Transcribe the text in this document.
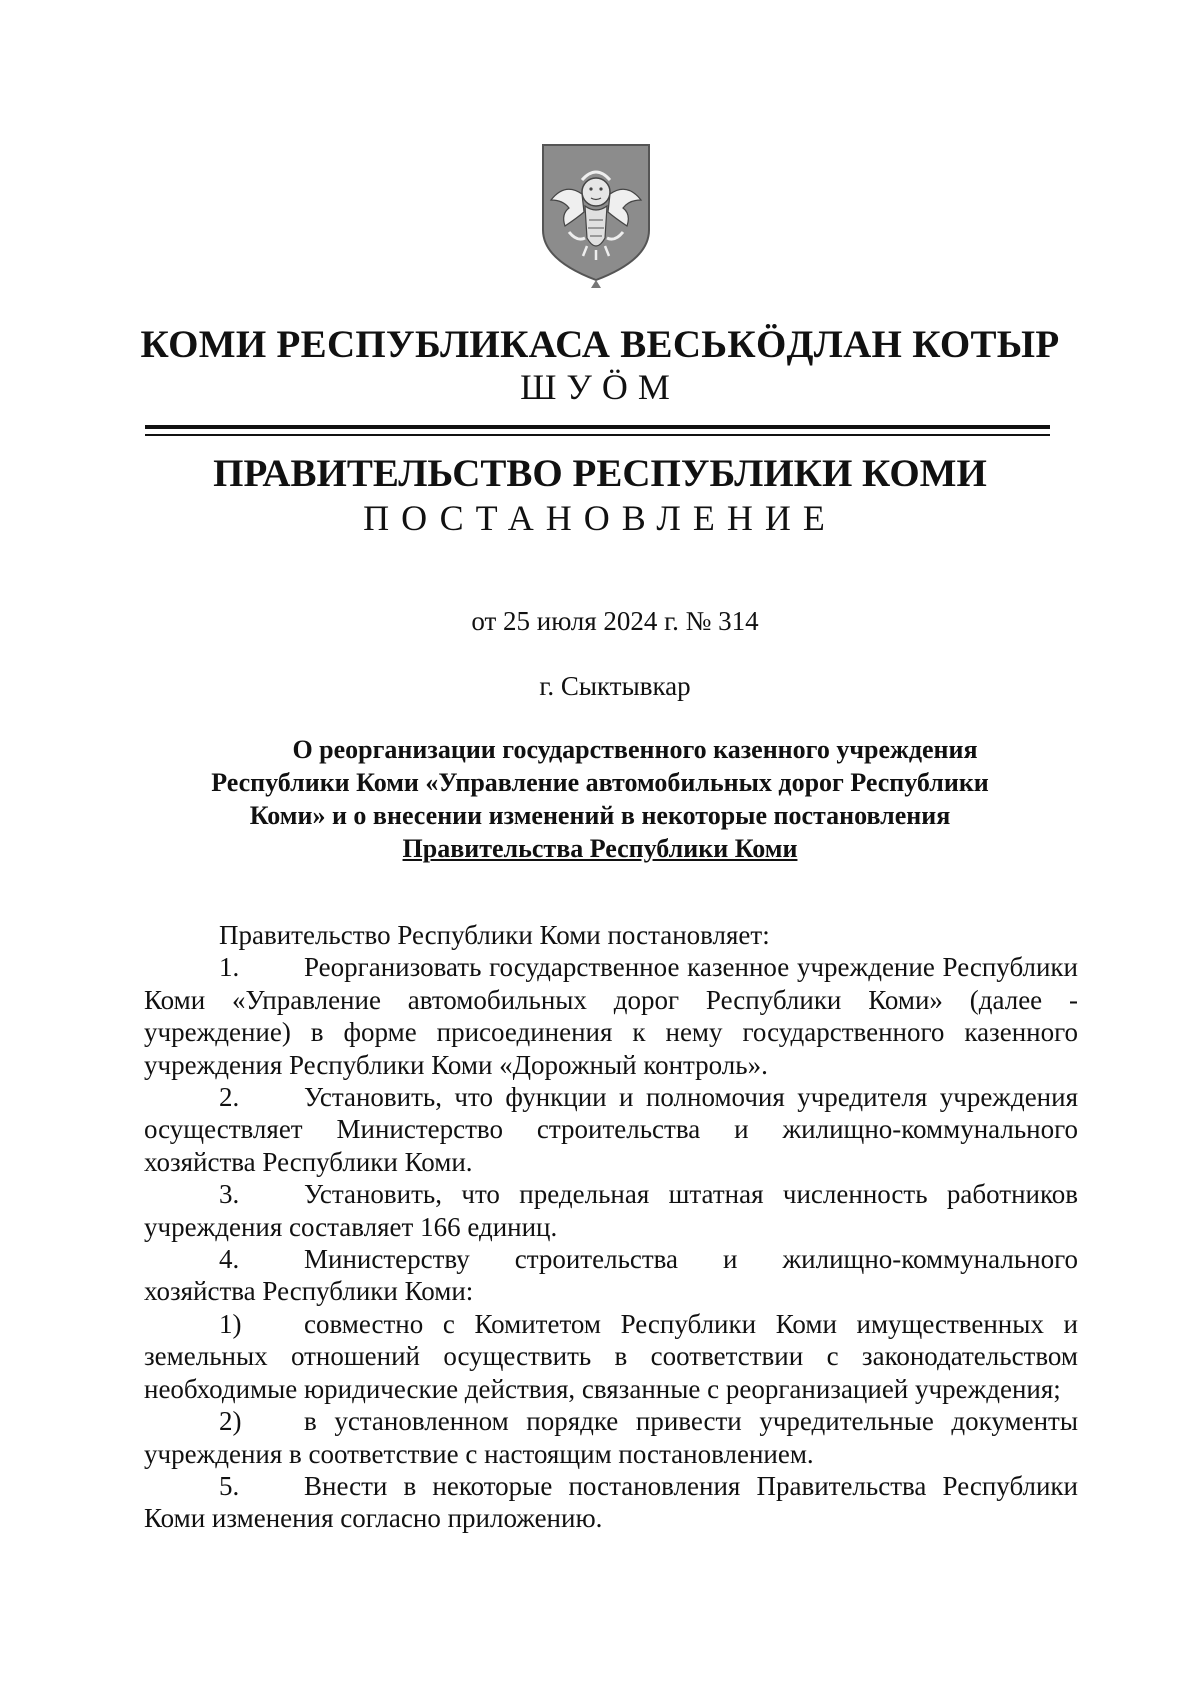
КОМИ РЕСПУБЛИКАСА ВЕСЬКӦДЛАН КОТЫР
ШУӦМ
ПРАВИТЕЛЬСТВО РЕСПУБЛИКИ КОМИ
ПОСТАНОВЛЕНИЕ
от 25 июля 2024 г. № 314
г. Сыктывкар
О реорганизации государственного казенного учреждения
Республики Коми «Управление автомобильных дорог Республики
Коми» и о внесении изменений в некоторые постановления
Правительства Республики Коми

Правительство Республики Коми постановляет:

1. Реорганизовать государственное казенное учреждение Республики Коми «Управление автомобильных дорог Республики Коми» (далее - учреждение) в форме присоединения к нему государственного казенного учреждения Республики Коми «Дорожный контроль».

2. Установить, что функции и полномочия учредителя учреждения осуществляет Министерство строительства и жилищно-коммунального хозяйства Республики Коми.

3. Установить, что предельная штатная численность работников учреждения составляет 166 единиц.

4. Министерству строительства и жилищно-коммунального хозяйства Республики Коми:

1) совместно с Комитетом Республики Коми имущественных и земельных отношений осуществить в соответствии с законодательством необходимые юридические действия, связанные с реорганизацией учреждения;

2) в установленном порядке привести учредительные документы учреждения в соответствие с настоящим постановлением.

5. Внести в некоторые постановления Правительства Республики Коми изменения согласно приложению.
